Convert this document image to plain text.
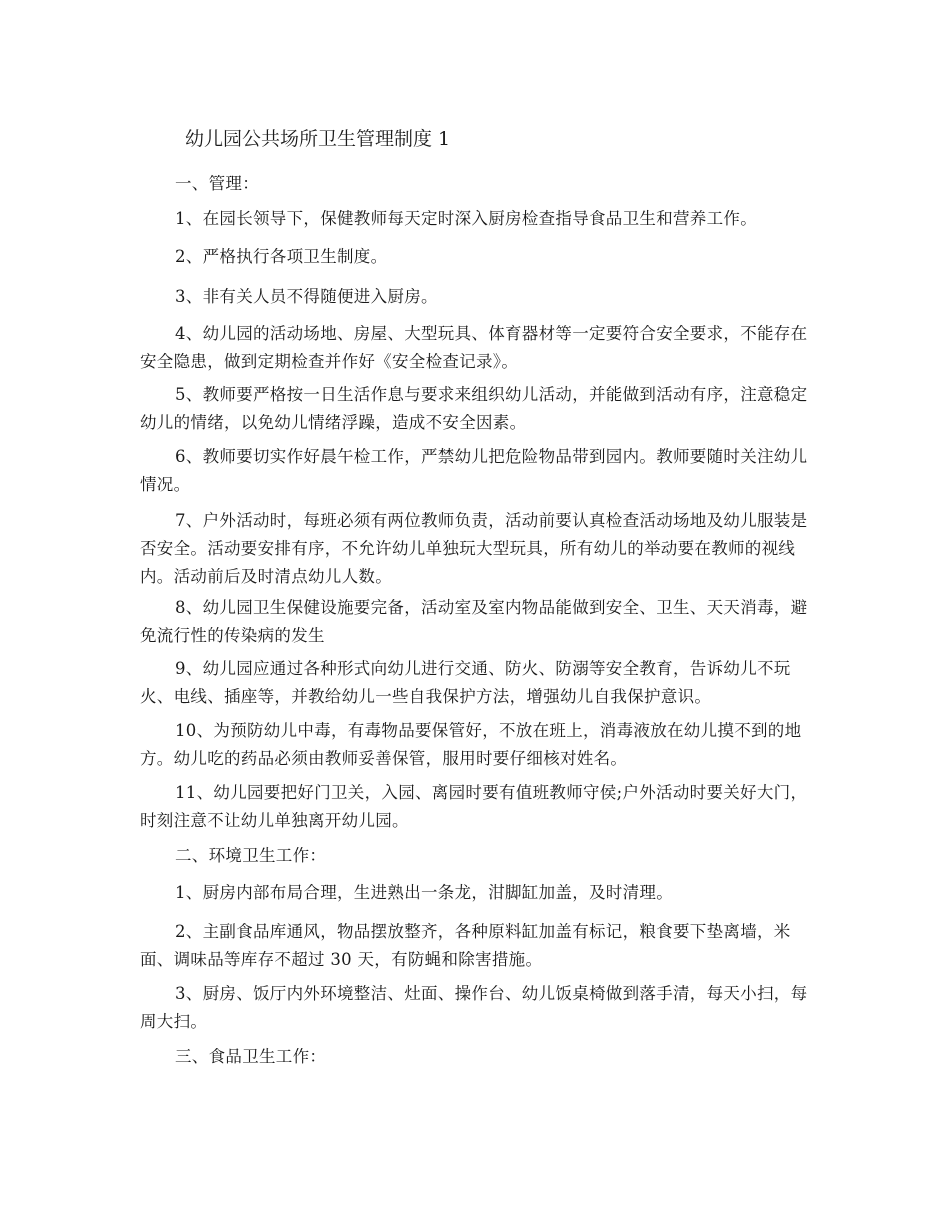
幼儿园公共场所卫生管理制度 1

一、管理：

1、在园长领导下，保健教师每天定时深入厨房检查指导食品卫生和营养工作。

2、严格执行各项卫生制度。

3、非有关人员不得随便进入厨房。

4、幼儿园的活动场地、房屋、大型玩具、体育器材等一定要符合安全要求，不能存在安全隐患，做到定期检查并作好《安全检查记录》。

5、教师要严格按一日生活作息与要求来组织幼儿活动，并能做到活动有序，注意稳定幼儿的情绪，以免幼儿情绪浮躁，造成不安全因素。

6、教师要切实作好晨午检工作，严禁幼儿把危险物品带到园内。教师要随时关注幼儿情况。

7、户外活动时，每班必须有两位教师负责，活动前要认真检查活动场地及幼儿服装是否安全。活动要安排有序，不允许幼儿单独玩大型玩具，所有幼儿的举动要在教师的视线内。活动前后及时清点幼儿人数。

8、幼儿园卫生保健设施要完备，活动室及室内物品能做到安全、卫生、天天消毒，避免流行性的传染病的发生

9、幼儿园应通过各种形式向幼儿进行交通、防火、防溺等安全教育，告诉幼儿不玩火、电线、插座等，并教给幼儿一些自我保护方法，增强幼儿自我保护意识。

10、为预防幼儿中毒，有毒物品要保管好，不放在班上，消毒液放在幼儿摸不到的地方。幼儿吃的药品必须由教师妥善保管，服用时要仔细核对姓名。

11、幼儿园要把好门卫关，入园、离园时要有值班教师守侯;户外活动时要关好大门，时刻注意不让幼儿单独离开幼儿园。

二、环境卫生工作：

1、厨房内部布局合理，生进熟出一条龙，泔脚缸加盖，及时清理。

2、主副食品库通风，物品摆放整齐，各种原料缸加盖有标记，粮食要下垫离墙，米面、调味品等库存不超过 30 天，有防蝇和除害措施。

3、厨房、饭厅内外环境整洁、灶面、操作台、幼儿饭桌椅做到落手清，每天小扫，每周大扫。

三、食品卫生工作：
